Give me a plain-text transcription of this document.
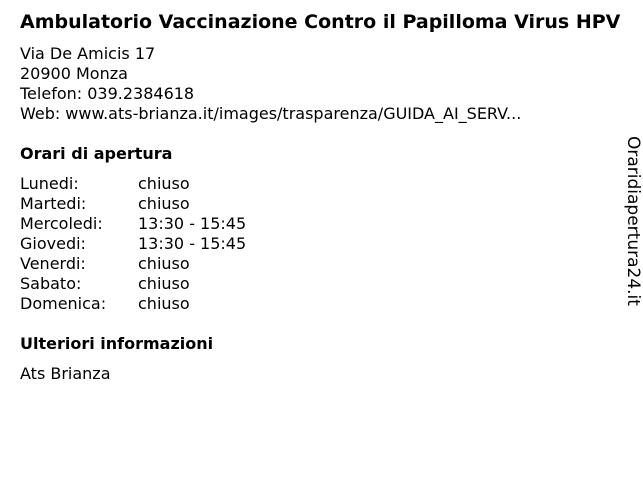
Ambulatorio Vaccinazione Contro il Papilloma Virus HPV
Via De Amicis 17
20900 Monza
Telefon: 039.2384618
Web: www.ats-brianza.it/images/trasparenza/GUIDA_AI_SERV...
Orari di apertura
Lunedi:	chiuso
Martedi:	chiuso
Mercoledi:	13:30 - 15:45
Giovedi:	13:30 - 15:45
Venerdi:	chiuso
Sabato:	chiuso
Domenica:	chiuso
Ulteriori informazioni
Ats Brianza
Oraridiapertura24.it
